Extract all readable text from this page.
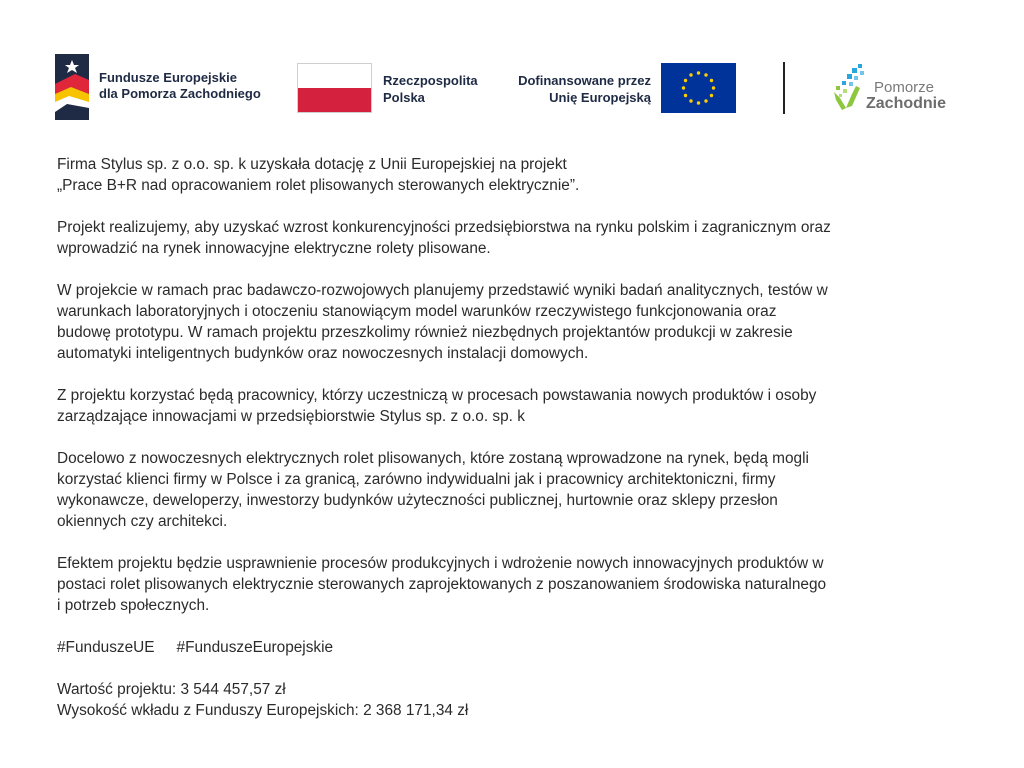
Fundusze Europejskie
dla Pomorza Zachodniego
Rzeczpospolita
Polska
Dofinansowane przez
Unię Europejską
Pomorze
Zachodnie

Firma Stylus sp. z o.o. sp. k uzyskała dotację z Unii Europejskiej na projekt
„Prace B+R nad opracowaniem rolet plisowanych sterowanych elektrycznie”.

Projekt realizujemy, aby uzyskać wzrost konkurencyjności przedsiębiorstwa na rynku polskim i zagranicznym oraz
wprowadzić na rynek innowacyjne elektryczne rolety plisowane.

W projekcie w ramach prac badawczo-rozwojowych planujemy przedstawić wyniki badań analitycznych, testów w
warunkach laboratoryjnych i otoczeniu stanowiącym model warunków rzeczywistego funkcjonowania oraz
budowę prototypu. W ramach projektu przeszkolimy również niezbędnych projektantów produkcji w zakresie
automatyki inteligentnych budynków oraz nowoczesnych instalacji domowych.

Z projektu korzystać będą pracownicy, którzy uczestniczą w procesach powstawania nowych produktów i osoby
zarządzające innowacjami w przedsiębiorstwie Stylus sp. z o.o. sp. k

Docelowo z nowoczesnych elektrycznych rolet plisowanych, które zostaną wprowadzone na rynek, będą mogli
korzystać klienci firmy w Polsce i za granicą, zarówno indywidualni jak i pracownicy architektoniczni, firmy
wykonawcze, deweloperzy, inwestorzy budynków użyteczności publicznej, hurtownie oraz sklepy przesłon
okiennych czy architekci.

Efektem projektu będzie usprawnienie procesów produkcyjnych i wdrożenie nowych innowacyjnych produktów w
postaci rolet plisowanych elektrycznie sterowanych zaprojektowanych z poszanowaniem środowiska naturalnego
i potrzeb społecznych.

#FunduszeUE #FunduszeEuropejskie

Wartość projektu: 3 544 457,57 zł
Wysokość wkładu z Funduszy Europejskich: 2 368 171,34 zł
